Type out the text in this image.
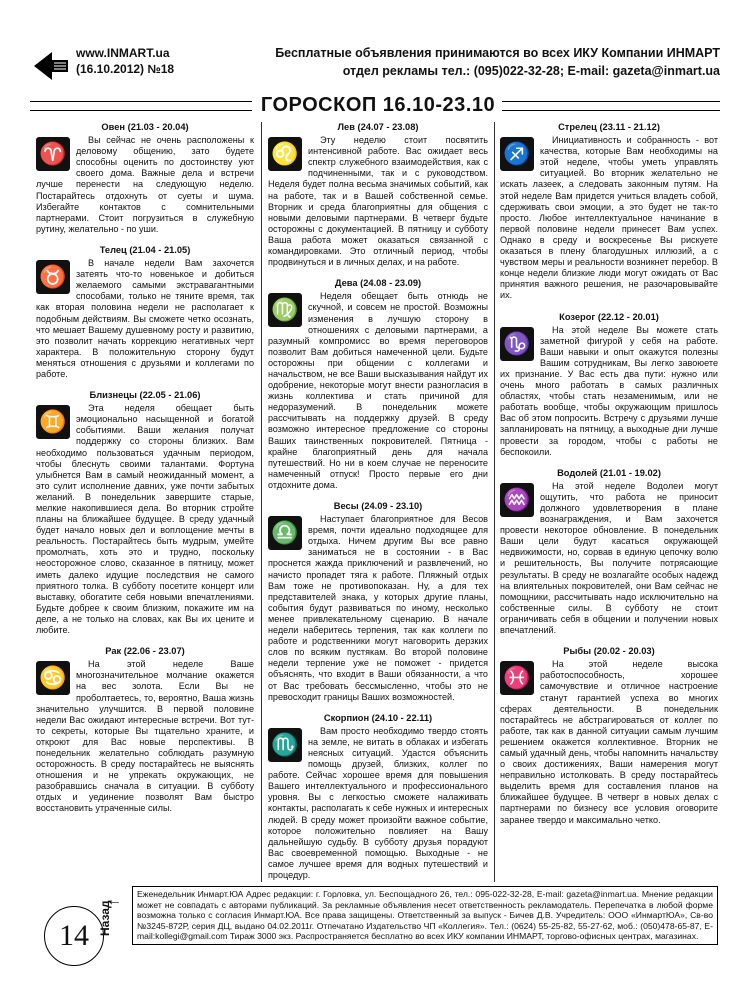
www.INMART.ua
(16.10.2012) №18
Бесплатные объявления принимаются во всех ИКУ Компании ИНМАРТ
отдел рекламы тел.: (095)022-32-28; E-mail: gazeta@inmart.ua
ГОРОСКОП 16.10-23.10
Овен (21.03 - 20.04)
♈

Вы сейчас не очень расположены к деловому общению, зато будете способны оценить по достоинству уют своего дома. Важные дела и встречи лучше перенести на следующую неделю. Постарайтесь отдохнуть от суеты и шума. Избегайте контактов с сомнительными партнерами. Стоит погрузиться в служебную рутину, желательно - по уши.

Телец (21.04 - 21.05)
♉

В начале недели Вам захочется затеять что-то новенькое и добиться желаемого самыми экстравагантными способами, только не тяните время, так как вторая половина недели не располагает к подобным действиям. Вы сможете четко осознать, что мешает Вашему душевному росту и развитию, это позволит начать коррекцию негативных черт характера. В положительную сторону будут меняться отношения с друзьями и коллегами по работе.

Близнецы (22.05 - 21.06)
♊

Эта неделя обещает быть эмоционально насыщенной и богатой событиями. Ваши желания получат поддержку со стороны близких. Вам необходимо пользоваться удачным периодом, чтобы блеснуть своими талантами. Фортуна улыбнется Вам в самый неожиданный момент, а это сулит исполнение давних, уже почти забытых желаний. В понедельник завершите старые, мелкие накопившиеся дела. Во вторник стройте планы на ближайшее будущее. В среду удачный будет начало новых дел и воплощение мечты в реальность. Постарайтесь быть мудрым, умейте промолчать, хоть это и трудно, поскольку неосторожное слово, сказанное в пятницу, может иметь далеко идущие последствия не самого приятного толка. В субботу посетите концерт или выставку, обогатите себя новыми впечатлениями. Будьте добрее к своим близким, покажите им на деле, а не только на словах, как Вы их цените и любите.

Рак (22.06 - 23.07)
♋

На этой неделе Ваше многозначительное молчание окажется на вес золота. Если Вы не проболтаетесь, то, вероятно, Ваша жизнь значительно улучшится. В первой половине недели Вас ожидают интересные встречи. Вот тут-то секреты, которые Вы тщательно храните, и откроют для Вас новые перспективы. В понедельник желательно соблюдать разумную осторожность. В среду постарайтесь не выяснять отношения и не упрекать окружающих, не разобравшись сначала в ситуации. В субботу отдых и уединение позволят Вам быстро восстановить утраченные силы.

Лев (24.07 - 23.08)
♌

Эту неделю стоит посвятить интенсивной работе. Вас ожидает весь спектр служебного взаимодействия, как с подчиненными, так и с руководством. Неделя будет полна весьма значимых событий, как на работе, так и в Вашей собственной семье. Вторник и среда благоприятны для общения с новыми деловыми партнерами. В четверг будьте осторожны с документацией. В пятницу и субботу Ваша работа может оказаться связанной с командировками. Это отличный период, чтобы продвинуться и в личных делах, и на работе.

Дева (24.08 - 23.09)
♍

Неделя обещает быть отнюдь не скучной, и совсем не простой. Возможны изменения в лучшую сторону в отношениях с деловыми партнерами, а разумный компромисс во время переговоров позволит Вам добиться намеченной цели. Будьте осторожны при общении с коллегами и начальством, не все Ваши высказывания найдут их одобрение, некоторые могут внести разногласия в жизнь коллектива и стать причиной для недоразумений. В понедельник можете рассчитывать на поддержку друзей. В среду возможно интересное предложение со стороны Ваших таинственных покровителей. Пятница - крайне благоприятный день для начала путешествий. Но ни в коем случае не переносите намеченный отпуск! Просто первые его дни отдохните дома.

Весы (24.09 - 23.10)
♎

Наступает благоприятное для Весов время, почти идеально подходящее для отдыха. Ничем другим Вы все равно заниматься не в состоянии - в Вас проснется жажда приключений и развлечений, но начисто пропадет тяга к работе. Пляжный отдых Вам тоже не противопоказан. Ну, а для тех представителей знака, у которых другие планы, события будут развиваться по иному, несколько менее привлекательному сценарию. В начале недели наберитесь терпения, так как коллеги по работе и родственники могут наговорить дерзких слов по всяким пустякам. Во второй половине недели терпение уже не поможет - придется объяснять, что входит в Ваши обязанности, а что от Вас требовать бессмысленно, чтобы это не превосходит границы Ваших возможностей.

Скорпион (24.10 - 22.11)
♏

Вам просто необходимо твердо стоять на земле, не витать в облаках и избегать неясных ситуаций. Удастся объяснить помощь друзей, близких, коллег по работе. Сейчас хорошее время для повышения Вашего интеллектуального и профессионального уровня. Вы с легкостью сможете налаживать контакты, располагать к себе нужных и интересных людей. В среду может произойти важное событие, которое положительно повлияет на Вашу дальнейшую судьбу. В субботу друзья порадуют Вас своевременной помощью. Выходные - не самое лучшее время для водных путешествий и процедур.

Стрелец (23.11 - 21.12)
♐

Инициативность и собранность - вот качества, которые Вам необходимы на этой неделе, чтобы уметь управлять ситуацией. Во вторник желательно не искать лазеек, а следовать законным путям. На этой неделе Вам придется учиться владеть собой, сдерживать свои эмоции, а это будет не так-то просто. Любое интеллектуальное начинание в первой половине недели принесет Вам успех. Однако в среду и воскресенье Вы рискуете оказаться в плену благодушных иллюзий, а с чувством меры и реальности возникнет перебор. В конце недели близкие люди могут ожидать от Вас принятия важного решения, не разочаровывайте их.

Козерог (22.12 - 20.01)
♑

На этой неделе Вы можете стать заметной фигурой у себя на работе. Ваши навыки и опыт окажутся полезны Вашим сотрудникам, Вы легко завоюете их признание. У Вас есть два пути: нужно или очень много работать в самых различных областях, чтобы стать незаменимым, или не работать вообще, чтобы окружающим пришлось Вас об этом попросить. Встречу с друзьями лучше запланировать на пятницу, а выходные дни лучше провести за городом, чтобы с работы не беспокоили.

Водолей (21.01 - 19.02)
♒

На этой неделе Водолеи могут ощутить, что работа не приносит должного удовлетворения в плане вознаграждения, и Вам захочется провести некоторое обновление. В понедельник Ваши цели будут касаться окружающей недвижимости, но, сорвав в единую цепочку волю и решительность, Вы получите потрясающие результаты. В среду не возлагайте особых надежд на влиятельных покровителей, они Вам сейчас не помощники, рассчитывать надо исключительно на собственные силы. В субботу не стоит ограничивать себя в общении и получении новых впечатлений.

Рыбы (20.02 - 20.03)
♓

На этой неделе высока работоспособность, хорошее самочувствие и отличное настроение станут гарантией успеха во многих сферах деятельности. В понедельник постарайтесь не абстрагироваться от коллег по работе, так как в данной ситуации самым лучшим решением окажется коллективное. Вторник не самый удачный день, чтобы напомнить начальству о своих достижениях, Ваши намерения могут неправильно истолковать. В среду постарайтесь выделить время для составления планов на ближайшее будущее. В четверг в новых делах с партнерами по бизнесу все условия оговорите заранее твердо и максимально четко.

14
←
Назад
Еженедельник Инмарт.ЮА Адрес редакции: г. Горловка, ул. Беспощадного 26, тел.: 095-022-32-28, E-mail: gazeta@inmart.ua. Мнение редакции может не совпадать с авторами публикаций. За рекламные объявления несет ответственность рекламодатель. Перепечатка в любой форме возможна только с согласия Инмарт.ЮА. Все права защищены. Ответственный за выпуск - Бичев Д.В. Учредитель: ООО «ИнмартЮА», Св-во №3245-872Р, серия ДЦ, выдано 04.02.2011г. Отпечатано Издательство ЧП «Коллегия». Тел.: (0624) 55-25-82, 55-27-62, моб.: (050)478-65-87, E-mail:kollegi@gmail.com Тираж 3000 экз. Распространяется бесплатно во всех ИКУ компании ИНМАРТ, торгово-офисных центрах, магазинах.
